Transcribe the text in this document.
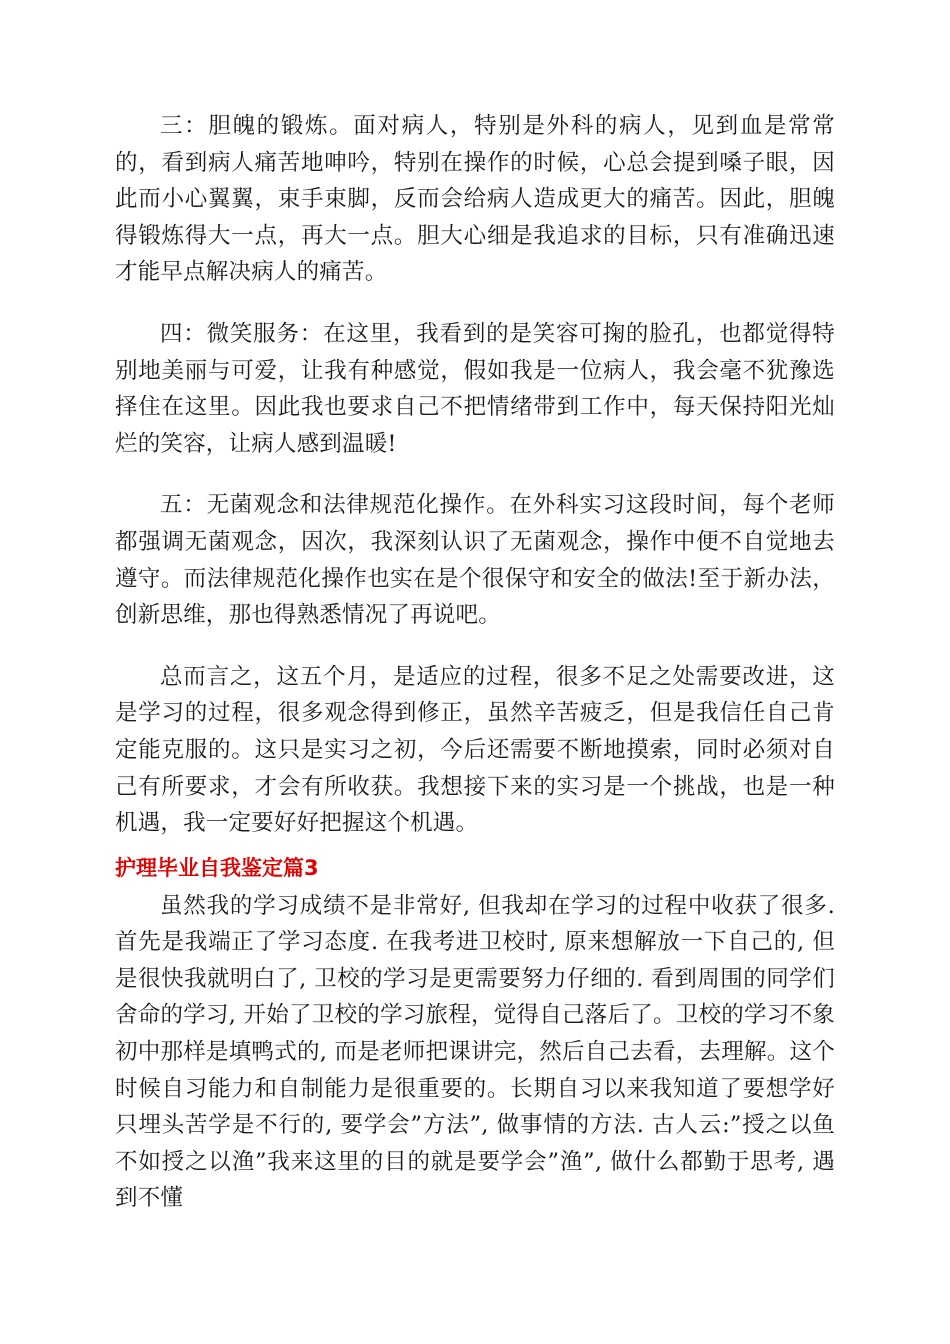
三：胆魄的锻炼。面对病人，特别是外科的病人，见到血是常常的，看到病人痛苦地呻吟，特别在操作的时候，心总会提到嗓子眼，因此而小心翼翼，束手束脚，反而会给病人造成更大的痛苦。因此，胆魄得锻炼得大一点，再大一点。胆大心细是我追求的目标，只有准确迅速才能早点解决病人的痛苦。

四：微笑服务：在这里，我看到的是笑容可掬的脸孔，也都觉得特别地美丽与可爱，让我有种感觉，假如我是一位病人，我会毫不犹豫选择住在这里。因此我也要求自己不把情绪带到工作中，每天保持阳光灿烂的笑容，让病人感到温暖!

五：无菌观念和法律规范化操作。在外科实习这段时间，每个老师都强调无菌观念，因次，我深刻认识了无菌观念，操作中便不自觉地去遵守。而法律规范化操作也实在是个很保守和安全的做法!至于新办法，创新思维，那也得熟悉情况了再说吧。

总而言之，这五个月，是适应的过程，很多不足之处需要改进，这是学习的过程，很多观念得到修正，虽然辛苦疲乏，但是我信任自己肯定能克服的。这只是实习之初，今后还需要不断地摸索，同时必须对自己有所要求，才会有所收获。我想接下来的实习是一个挑战，也是一种机遇，我一定要好好把握这个机遇。

护理毕业自我鉴定篇3

虽然我的学习成绩不是非常好, 但我却在学习的过程中收获了很多. 首先是我端正了学习态度. 在我考进卫校时, 原来想解放一下自己的, 但是很快我就明白了, 卫校的学习是更需要努力仔细的. 看到周围的同学们舍命的学习, 开始了卫校的学习旅程，觉得自己落后了。卫校的学习不象初中那样是填鸭式的, 而是老师把课讲完，然后自己去看，去理解。这个时候自习能力和自制能力是很重要的。长期自习以来我知道了要想学好只埋头苦学是不行的, 要学会”方法”, 做事情的方法. 古人云:”授之以鱼不如授之以渔”我来这里的目的就是要学会”渔”, 做什么都勤于思考, 遇到不懂
